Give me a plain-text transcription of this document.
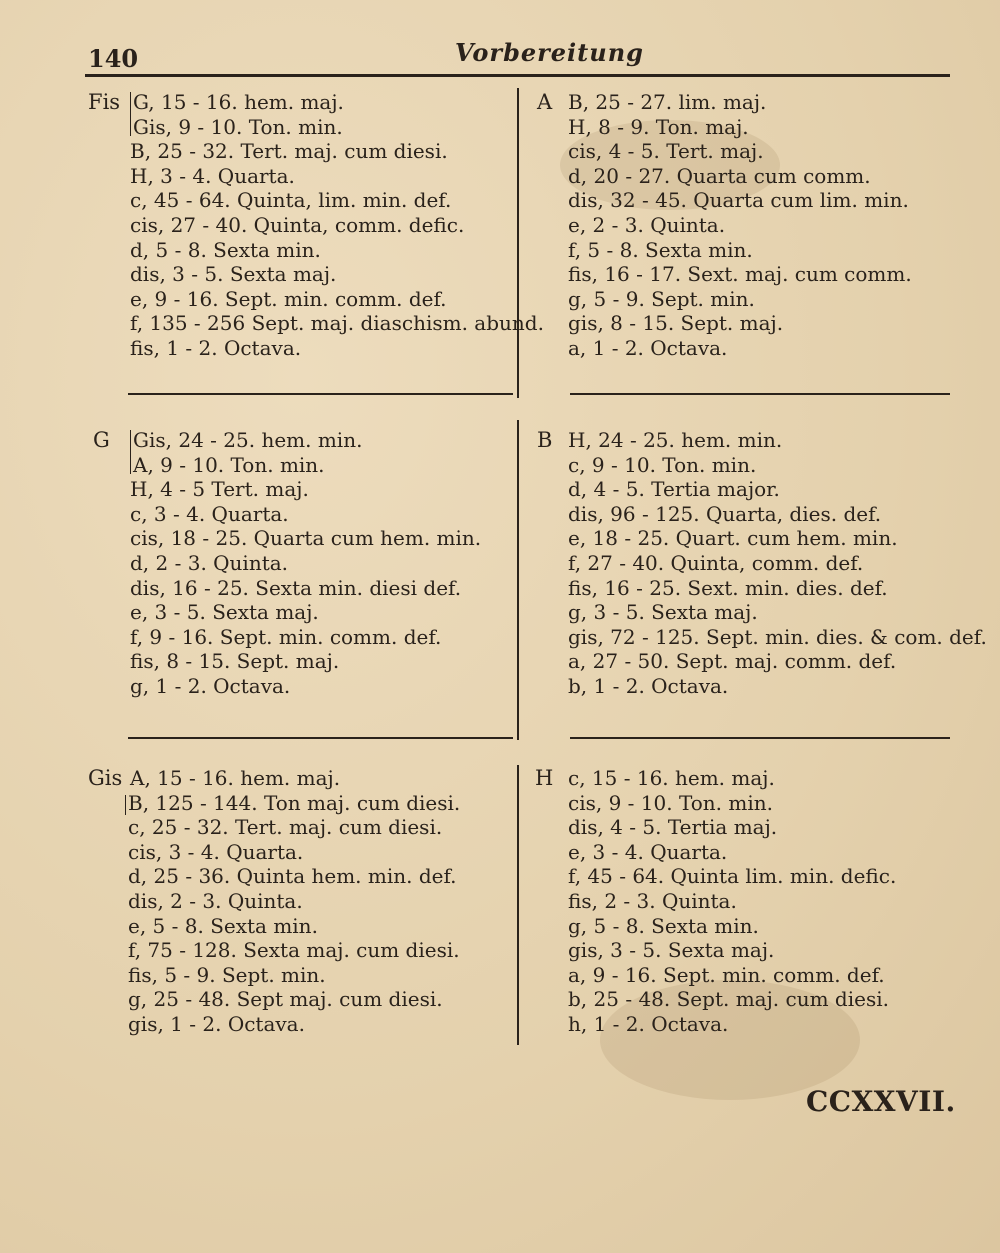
140	Vorbereitung
Fis G, 15 - 16. hem. maj.
Gis, 9 - 10. Ton. min.
B, 25 - 32. Tert. maj. cum diesi.
H, 3 - 4. Quarta.
c, 45 - 64. Quinta, lim. min. def.
cis, 27 - 40. Quinta, comm. defic.
d, 5 - 8. Sexta min.
dis, 3 - 5. Sexta maj.
e, 9 - 16. Sept. min. comm. def.
f, 135 - 256 Sept. maj. diaschism. abund.
fis, 1 - 2. Octava.
A B, 25 - 27. lim. maj.
H, 8 - 9. Ton. maj.
cis, 4 - 5. Tert. maj.
d, 20 - 27. Quarta cum comm.
dis, 32 - 45. Quarta cum lim. min.
e, 2 - 3. Quinta.
f, 5 - 8. Sexta min.
fis, 16 - 17. Sext. maj. cum comm.
g, 5 - 9. Sept. min.
gis, 8 - 15. Sept. maj.
a, 1 - 2. Octava.
G Gis, 24 - 25. hem. min.
A, 9 - 10. Ton. min.
H, 4 - 5 Tert. maj.
c, 3 - 4. Quarta.
cis, 18 - 25. Quarta cum hem. min.
d, 2 - 3. Quinta.
dis, 16 - 25. Sexta min. diesi def.
e, 3 - 5. Sexta maj.
f, 9 - 16. Sept. min. comm. def.
fis, 8 - 15. Sept. maj.
g, 1 - 2. Octava.
B H, 24 - 25. hem. min.
c, 9 - 10. Ton. min.
d, 4 - 5. Tertia major.
dis, 96 - 125. Quarta, dies. def.
e, 18 - 25. Quart. cum hem. min.
f, 27 - 40. Quinta, comm. def.
fis, 16 - 25. Sext. min. dies. def.
g, 3 - 5. Sexta maj.
gis, 72 - 125. Sept. min. dies. & com. def.
a, 27 - 50. Sept. maj. comm. def.
b, 1 - 2. Octava.
Gis A, 15 - 16. hem. maj.
B, 125 - 144. Ton maj. cum diesi.
c, 25 - 32. Tert. maj. cum diesi.
cis, 3 - 4. Quarta.
d, 25 - 36. Quinta hem. min. def.
dis, 2 - 3. Quinta.
e, 5 - 8. Sexta min.
f, 75 - 128. Sexta maj. cum diesi.
fis, 5 - 9. Sept. min.
g, 25 - 48. Sept maj. cum diesi.
gis, 1 - 2. Octava.
H c, 15 - 16. hem. maj.
cis, 9 - 10. Ton. min.
dis, 4 - 5. Tertia maj.
e, 3 - 4. Quarta.
f, 45 - 64. Quinta lim. min. defic.
fis, 2 - 3. Quinta.
g, 5 - 8. Sexta min.
gis, 3 - 5. Sexta maj.
a, 9 - 16. Sept. min. comm. def.
b, 25 - 48. Sept. maj. cum diesi.
h, 1 - 2. Octava.
CCXXVII.
